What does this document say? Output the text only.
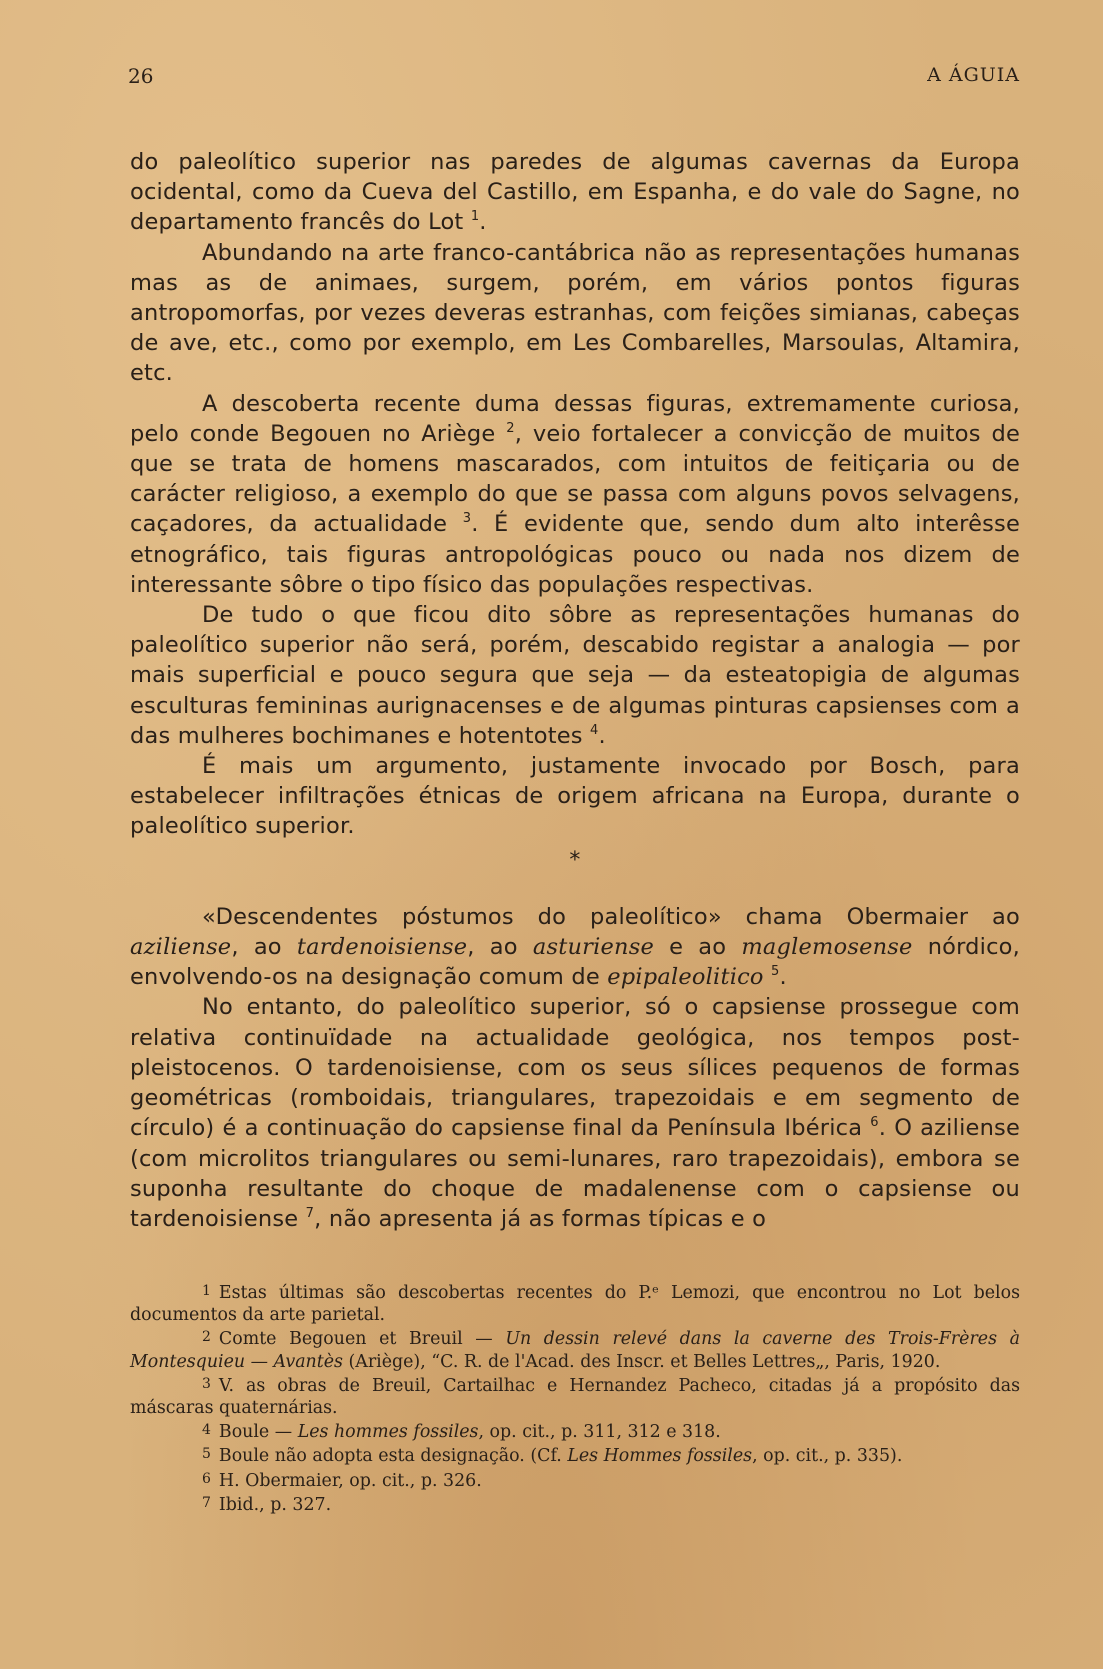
26	A ÁGUIA

do paleolítico superior nas paredes de algumas cavernas da Europa ocidental, como da Cueva del Castillo, em Espanha, e do vale do Sagne, no departamento francês do Lot $^1$.

Abundando na arte franco-cantábrica não as representações humanas mas as de animaes, surgem, porém, em vários pontos figuras antropomorfas, por vezes deveras estranhas, com feições simianas, cabeças de ave, etc., como por exemplo, em Les Combarelles, Marsoulas, Altamira, etc.

A descoberta recente duma dessas figuras, extremamente curiosa, pelo conde Begouen no Ariège $^2$, veio fortalecer a convicção de muitos de que se trata de homens mascarados, com intuitos de feitiçaria ou de carácter religioso, a exemplo do que se passa com alguns povos selvagens, caçadores, da actualidade $^3$. É evidente que, sendo dum alto interêsse etnográfico, tais figuras antropológicas pouco ou nada nos dizem de interessante sôbre o tipo físico das populações respectivas.

De tudo o que ficou dito sôbre as representações humanas do paleolítico superior não será, porém, descabido registar a analogia — por mais superficial e pouco segura que seja — da esteatopigia de algumas esculturas femininas aurignacenses e de algumas pinturas capsienses com a das mulheres bochimanes e hotentotes $^4$.

É mais um argumento, justamente invocado por Bosch, para estabelecer infiltrações étnicas de origem africana na Europa, durante o paleolítico superior.

*

«Descendentes póstumos do paleolítico» chama Obermaier ao aziliense, ao tardenoisiense, ao asturiense e ao maglemosense nórdico, envolvendo-os na designação comum de epipaleolitico $^5$.

No entanto, do paleolítico superior, só o capsiense prossegue com relativa continuïdade na actualidade geológica, nos tempos post-pleistocenos. O tardenoisiense, com os seus sílices pequenos de formas geométricas (romboidais, triangulares, trapezoidais e em segmento de círculo) é a continuação do capsiense final da Península Ibérica $^6$. O aziliense (com microlitos triangulares ou semi-lunares, raro trapezoidais), embora se suponha resultante do choque de madalenense com o capsiense ou tardenoisiense $^7$, não apresenta já as formas típicas e o

1 Estas últimas são descobertas recentes do P.ᵉ Lemozi, que encontrou no Lot belos documentos da arte parietal.

2 Comte Begouen et Breuil — Un dessin relevé dans la caverne des Trois-Frères à Montesquieu — Avantès (Ariège), “C. R. de l'Acad. des Inscr. et Belles Lettres„, Paris, 1920.

3 V. as obras de Breuil, Cartailhac e Hernandez Pacheco, citadas já a propósito das máscaras quaternárias.

4 Boule — Les hommes fossiles, op. cit., p. 311, 312 e 318.

5 Boule não adopta esta designação. (Cf. Les Hommes fossiles, op. cit., p. 335).

6 H. Obermaier, op. cit., p. 326.

7 Ibid., p. 327.
